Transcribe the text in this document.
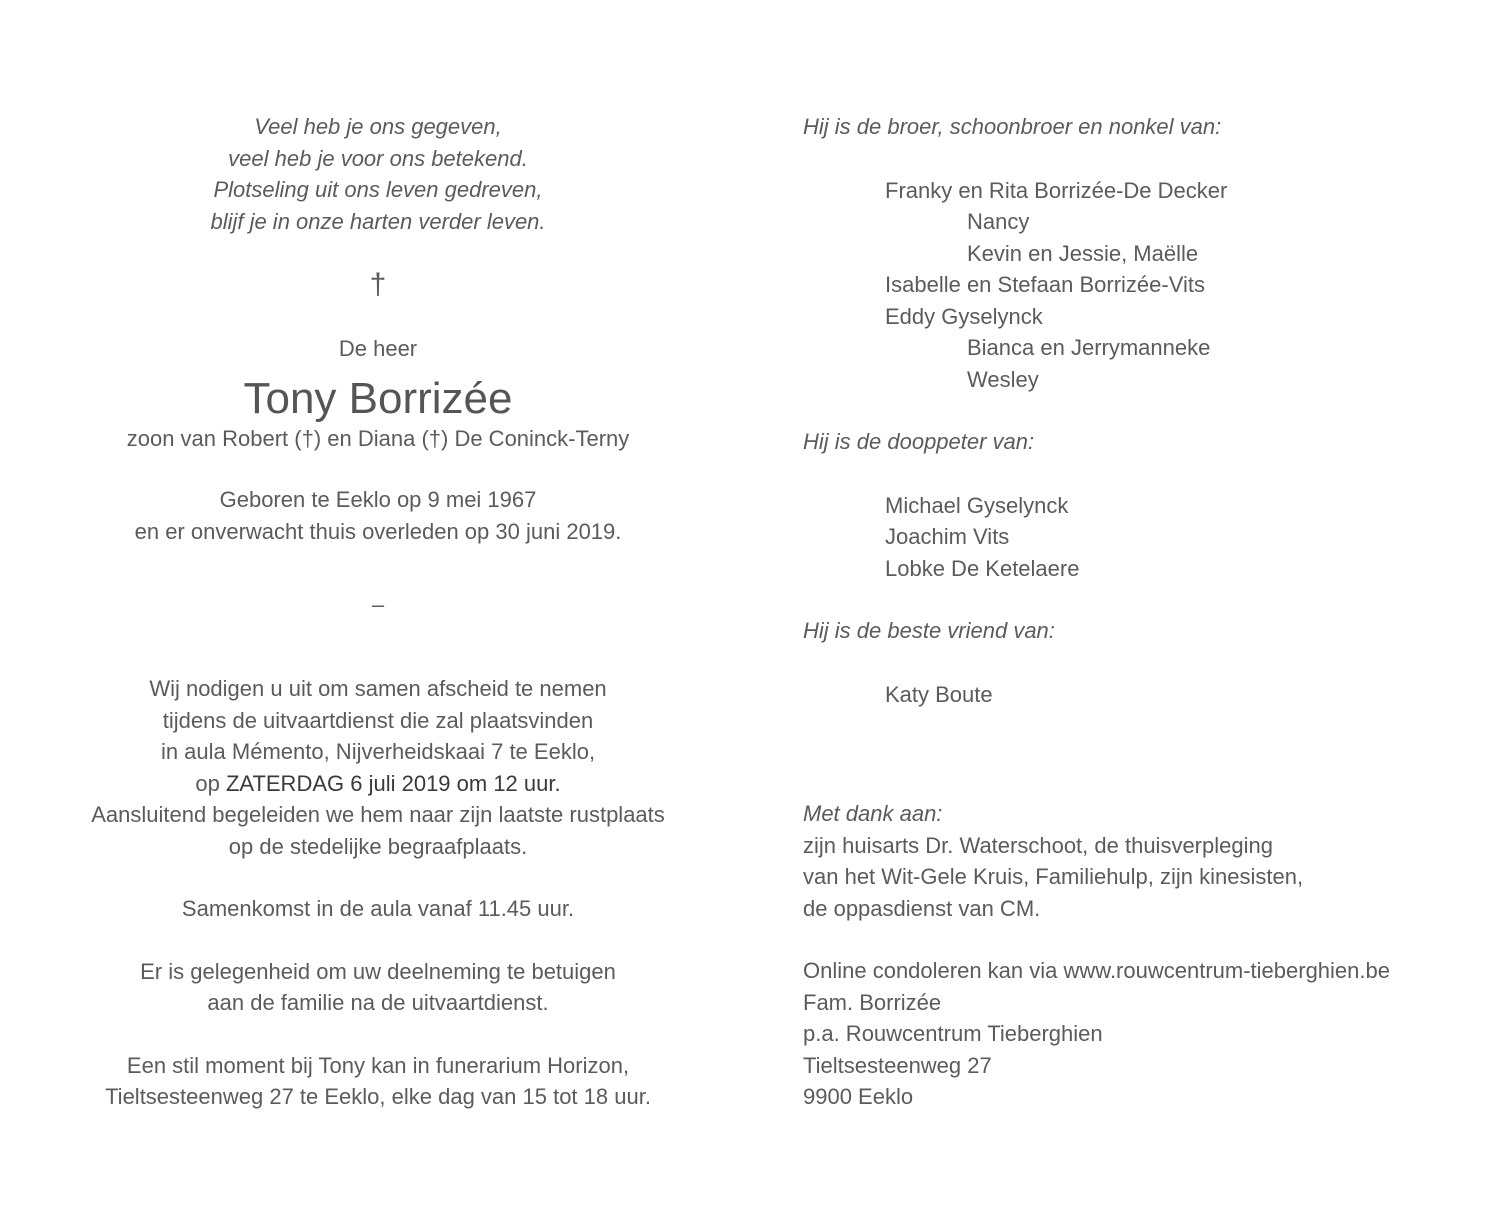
Veel heb je ons gegeven,
veel heb je voor ons betekend.
Plotseling uit ons leven gedreven,
blijf je in onze harten verder leven.
†
De heer
Tony Borrizée
zoon van Robert (†) en Diana (†) De Coninck-Terny
Geboren te Eeklo op 9 mei 1967
en er onverwacht thuis overleden op 30 juni 2019.
–
Wij nodigen u uit om samen afscheid te nemen
tijdens de uitvaartdienst die zal plaatsvinden
in aula Mémento, Nijverheidskaai 7 te Eeklo,
op ZATERDAG 6 juli 2019 om 12 uur.
Aansluitend begeleiden we hem naar zijn laatste rustplaats
op de stedelijke begraafplaats.
Samenkomst in de aula vanaf 11.45 uur.
Er is gelegenheid om uw deelneming te betuigen
aan de familie na de uitvaartdienst.
Een stil moment bij Tony kan in funerarium Horizon,
Tieltsesteenweg 27 te Eeklo, elke dag van 15 tot 18 uur.
Hij is de broer, schoonbroer en nonkel van:
Franky en Rita Borrizée-De Decker
Nancy
Kevin en Jessie, Maëlle
Isabelle en Stefaan Borrizée-Vits
Eddy Gyselynck
Bianca en Jerrymanneke
Wesley
Hij is de dooppeter van:
Michael Gyselynck
Joachim Vits
Lobke De Ketelaere
Hij is de beste vriend van:
Katy Boute
Met dank aan:
zijn huisarts Dr. Waterschoot, de thuisverpleging
van het Wit-Gele Kruis, Familiehulp, zijn kinesisten,
de oppasdienst van CM.
Online condoleren kan via www.rouwcentrum-tieberghien.be
Fam. Borrizée
p.a. Rouwcentrum Tieberghien
Tieltsesteenweg 27
9900 Eeklo
